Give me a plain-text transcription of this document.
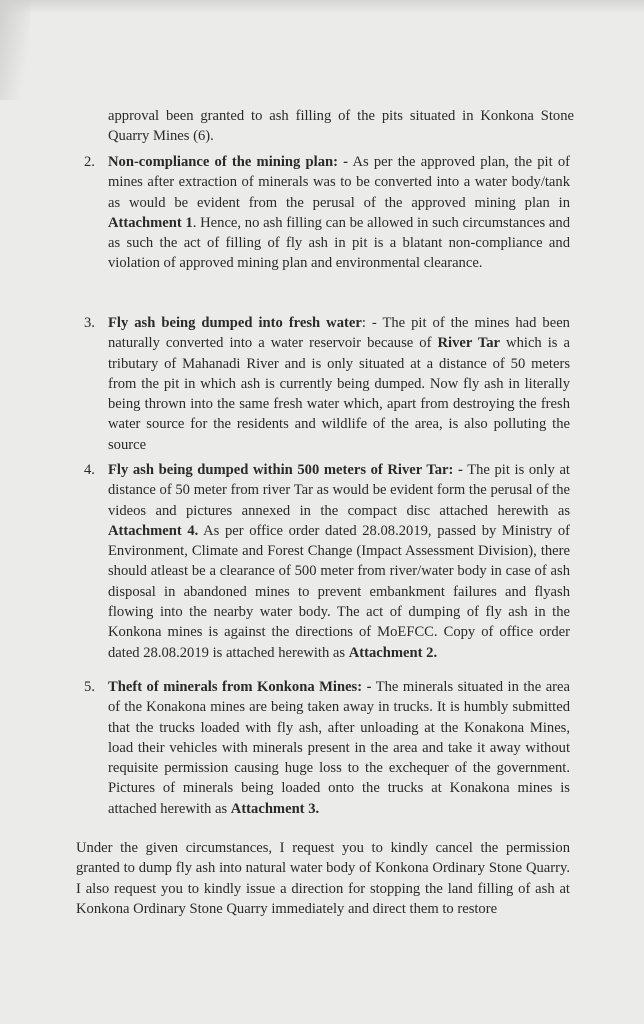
approval been granted to ash filling of the pits situated in Konkona Stone Quarry Mines (6).

2. Non-compliance of the mining plan: - As per the approved plan, the pit of mines after extraction of minerals was to be converted into a water body/tank as would be evident from the perusal of the approved mining plan in Attachment 1. Hence, no ash filling can be allowed in such circumstances and as such the act of filling of fly ash in pit is a blatant non-compliance and violation of approved mining plan and environmental clearance.

3. Fly ash being dumped into fresh water: - The pit of the mines had been naturally converted into a water reservoir because of River Tar which is a tributary of Mahanadi River and is only situated at a distance of 50 meters from the pit in which ash is currently being dumped. Now fly ash in literally being thrown into the same fresh water which, apart from destroying the fresh water source for the residents and wildlife of the area, is also polluting the source

4. Fly ash being dumped within 500 meters of River Tar: - The pit is only at distance of 50 meter from river Tar as would be evident form the perusal of the videos and pictures annexed in the compact disc attached herewith as Attachment 4. As per office order dated 28.08.2019, passed by Ministry of Environment, Climate and Forest Change (Impact Assessment Division), there should atleast be a clearance of 500 meter from river/water body in case of ash disposal in abandoned mines to prevent embankment failures and flyash flowing into the nearby water body. The act of dumping of fly ash in the Konkona mines is against the directions of MoEFCC. Copy of office order dated 28.08.2019 is attached herewith as Attachment 2.

5. Theft of minerals from Konkona Mines: - The minerals situated in the area of the Konakona mines are being taken away in trucks. It is humbly submitted that the trucks loaded with fly ash, after unloading at the Konakona Mines, load their vehicles with minerals present in the area and take it away without requisite permission causing huge loss to the exchequer of the government. Pictures of minerals being loaded onto the trucks at Konakona mines is attached herewith as Attachment 3.

Under the given circumstances, I request you to kindly cancel the permission granted to dump fly ash into natural water body of Konkona Ordinary Stone Quarry. I also request you to kindly issue a direction for stopping the land filling of ash at Konkona Ordinary Stone Quarry immediately and direct them to restore
